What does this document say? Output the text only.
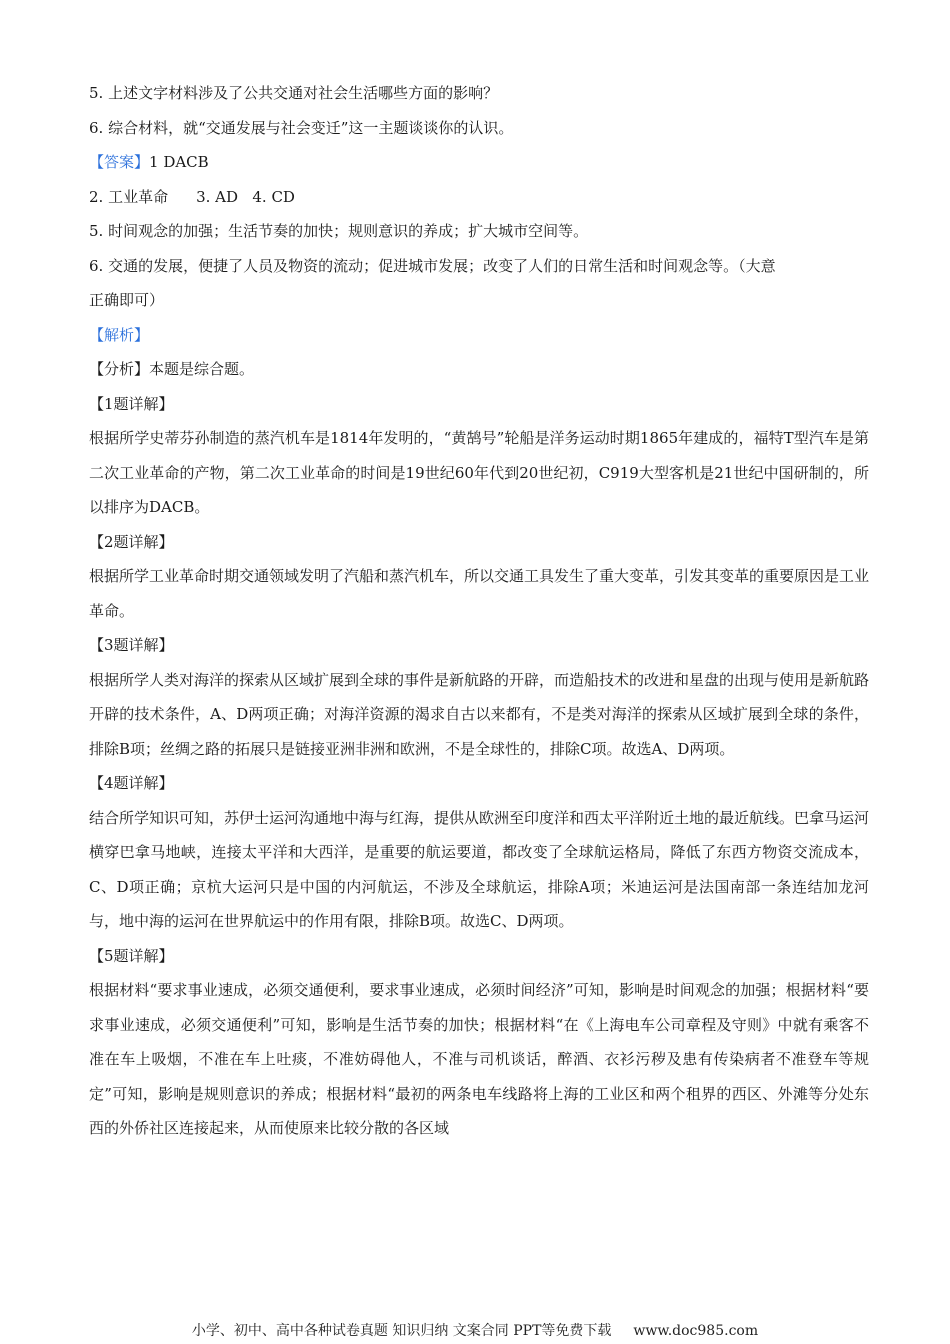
5. 上述文字材料涉及了公共交通对社会生活哪些方面的影响？
6. 综合材料，就“交通发展与社会变迁”这一主题谈谈你的认识。
【答案】1 DACB
2. 工业革命 3. AD 4. CD
5. 时间观念的加强；生活节奏的加快；规则意识的养成；扩大城市空间等。
6. 交通的发展，便捷了人员及物资的流动；促进城市发展；改变了人们的日常生活和时间观念等。（大意
正确即可）
【解析】
【分析】本题是综合题。
【1题详解】
根据所学史蒂芬孙制造的蒸汽机车是1814年发明的，“黄鹄号”轮船是洋务运动时期1865年建成的，福特T型汽车是第二次工业革命的产物，第二次工业革命的时间是19世纪60年代到20世纪初，C919大型客机是21世纪中国研制的，所以排序为DACB。
【2题详解】
根据所学工业革命时期交通领域发明了汽船和蒸汽机车，所以交通工具发生了重大变革，引发其变革的重要原因是工业革命。
【3题详解】
根据所学人类对海洋的探索从区域扩展到全球的事件是新航路的开辟，而造船技术的改进和星盘的出现与使用是新航路开辟的技术条件，A、D两项正确；对海洋资源的渴求自古以来都有，不是类对海洋的探索从区域扩展到全球的条件，排除B项；丝绸之路的拓展只是链接亚洲非洲和欧洲，不是全球性的，排除C项。故选A、D两项。
【4题详解】
结合所学知识可知，苏伊士运河沟通地中海与红海，提供从欧洲至印度洋和西太平洋附近土地的最近航线。巴拿马运河横穿巴拿马地峡，连接太平洋和大西洋，是重要的航运要道，都改变了全球航运格局，降低了东西方物资交流成本，C、D项正确；京杭大运河只是中国的内河航运，不涉及全球航运，排除A项；米迪运河是法国南部一条连结加龙河与，地中海的运河在世界航运中的作用有限，排除B项。故选C、D两项。
【5题详解】
根据材料“要求事业速成，必须交通便利，要求事业速成，必须时间经济”可知，影响是时间观念的加强；根据材料“要求事业速成，必须交通便利”可知，影响是生活节奏的加快；根据材料“在《上海电车公司章程及守则》中就有乘客不准在车上吸烟，不准在车上吐痰，不准妨碍他人，不准与司机谈话，醉酒、衣衫污秽及患有传染病者不准登车等规定”可知，影响是规则意识的养成；根据材料“最初的两条电车线路将上海的工业区和两个租界的西区、外滩等分处东西的外侨社区连接起来，从而使原来比较分散的各区域
小学、初中、高中各种试卷真题 知识归纳 文案合同 PPT等免费下载 www.doc985.com
